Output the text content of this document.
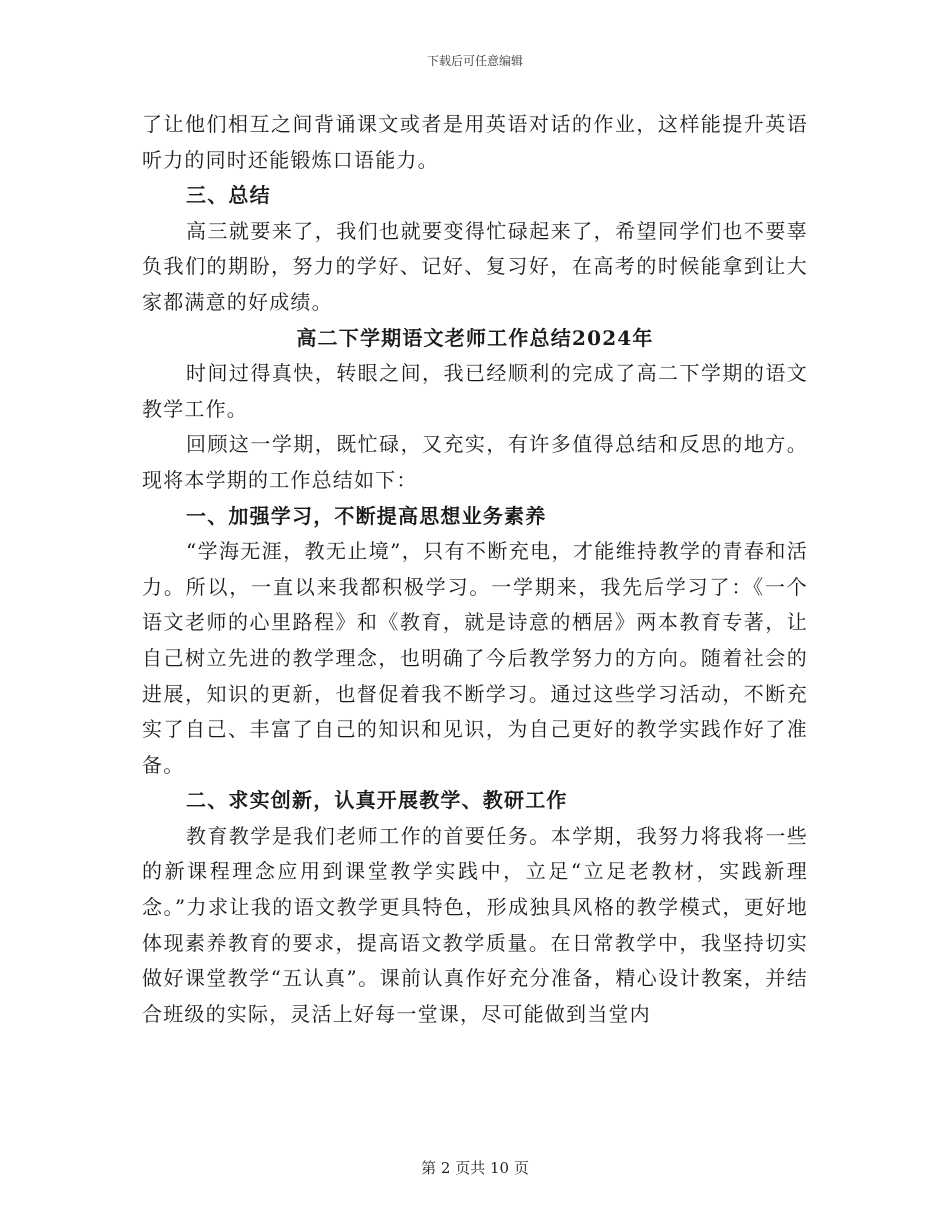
下载后可任意编辑

了让他们相互之间背诵课文或者是用英语对话的作业，这样能提升英语听力的同时还能锻炼口语能力。

三、总结

高三就要来了，我们也就要变得忙碌起来了，希望同学们也不要辜负我们的期盼，努力的学好、记好、复习好，在高考的时候能拿到让大家都满意的好成绩。

高二下学期语文老师工作总结2024年

时间过得真快，转眼之间，我已经顺利的完成了高二下学期的语文教学工作。

回顾这一学期，既忙碌，又充实，有许多值得总结和反思的地方。现将本学期的工作总结如下：

一、加强学习，不断提高思想业务素养

“学海无涯，教无止境”，只有不断充电，才能维持教学的青春和活力。所以，一直以来我都积极学习。一学期来，我先后学习了：《一个语文老师的心里路程》和《教育，就是诗意的栖居》两本教育专著，让自己树立先进的教学理念，也明确了今后教学努力的方向。随着社会的进展，知识的更新，也督促着我不断学习。通过这些学习活动，不断充实了自己、丰富了自己的知识和见识，为自己更好的教学实践作好了准备。

二、求实创新，认真开展教学、教研工作

教育教学是我们老师工作的首要任务。本学期，我努力将我将一些的新课程理念应用到课堂教学实践中，立足“立足老教材，实践新理念。”力求让我的语文教学更具特色，形成独具风格的教学模式，更好地体现素养教育的要求，提高语文教学质量。在日常教学中，我坚持切实做好课堂教学“五认真”。课前认真作好充分准备，精心设计教案，并结合班级的实际，灵活上好每一堂课，尽可能做到当堂内

第 2 页共 10 页
